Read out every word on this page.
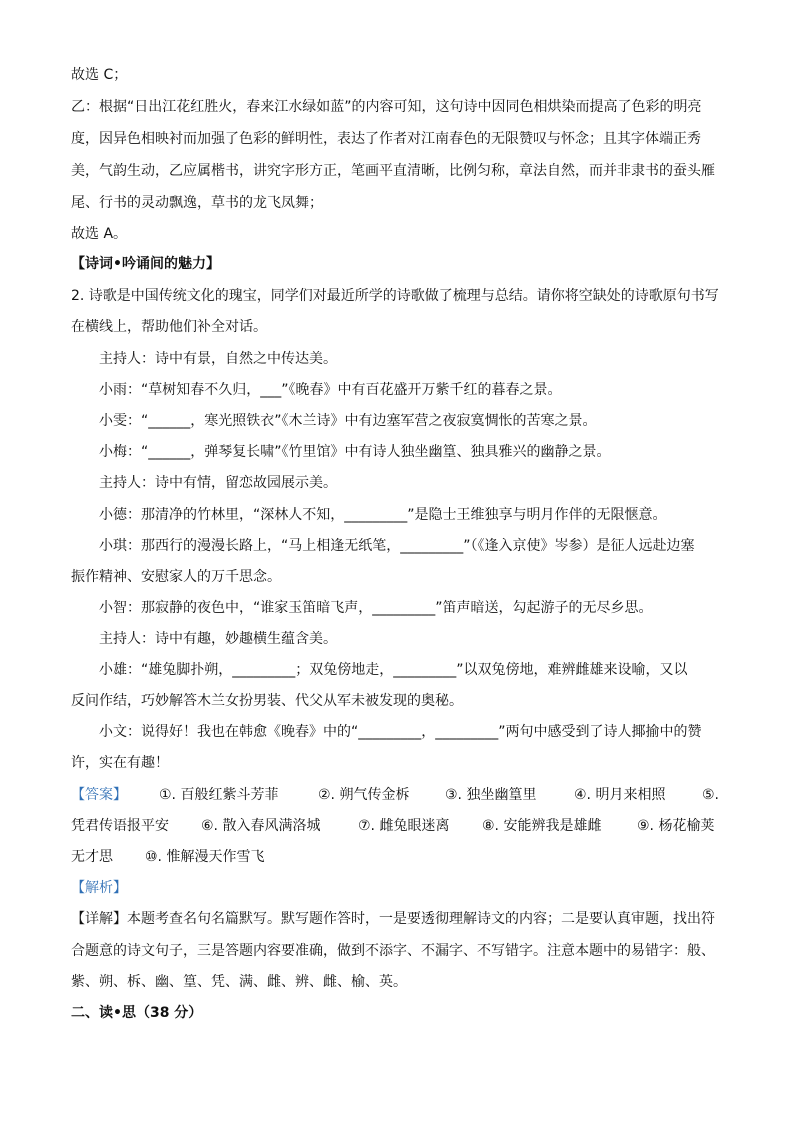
故选 C；
乙：根据“日出江花红胜火，春来江水绿如蓝”的内容可知，这句诗中因同色相烘染而提高了色彩的明亮
度，因异色相映衬而加强了色彩的鲜明性，表达了作者对江南春色的无限赞叹与怀念；且其字体端正秀
美，气韵生动，乙应属楷书，讲究字形方正，笔画平直清晰，比例匀称，章法自然，而并非隶书的蚕头雁
尾、行书的灵动飘逸，草书的龙飞凤舞；
故选 A。
【诗词•吟诵间的魅力】
2. 诗歌是中国传统文化的瑰宝，同学们对最近所学的诗歌做了梳理与总结。请你将空缺处的诗歌原句书写
在横线上，帮助他们补全对话。
主持人：诗中有景，自然之中传达美。
小雨：“草树知春不久归，___”《晚春》中有百花盛开万紫千红的暮春之景。
小雯：“______，寒光照铁衣”《木兰诗》中有边塞军营之夜寂寞惆怅的苦寒之景。
小梅：“______，弹琴复长啸”《竹里馆》中有诗人独坐幽篁、独具雅兴的幽静之景。
主持人：诗中有情，留恋故园展示美。
小德：那清净的竹林里，“深林人不知，_________”是隐士王维独享与明月作伴的无限惬意。
小琪：那西行的漫漫长路上，“马上相逢无纸笔，_________”（《逢入京使》岑参）是征人远赴边塞
振作精神、安慰家人的万千思念。
小智：那寂静的夜色中，“谁家玉笛暗飞声，_________”笛声暗送，勾起游子的无尽乡思。
主持人：诗中有趣，妙趣横生蕴含美。
小雄：“雄兔脚扑朔，_________；双兔傍地走，_________”以双兔傍地，难辨雌雄来设喻，又以
反问作结，巧妙解答木兰女扮男装、代父从军未被发现的奥秘。
小文：说得好！我也在韩愈《晚春》中的“_________，_________”两句中感受到了诗人揶揄中的赞
许，实在有趣！
【答案】 ①. 百般红紫斗芳菲	②. 朔气传金柝	③. 独坐幽篁里	④. 明月来相照	⑤.
凭君传语报平安 ⑥. 散入春风满洛城	⑦. 雌兔眼迷离 ⑧. 安能辨我是雄雌	⑨. 杨花榆荚
无才思 ⑩. 惟解漫天作雪飞
【解析】
【详解】本题考查名句名篇默写。默写题作答时，一是要透彻理解诗文的内容；二是要认真审题，找出符
合题意的诗文句子，三是答题内容要准确，做到不添字、不漏字、不写错字。注意本题中的易错字：般、
紫、朔、柝、幽、篁、凭、满、雌、辨、雌、榆、英。
二、读•思（38 分）
